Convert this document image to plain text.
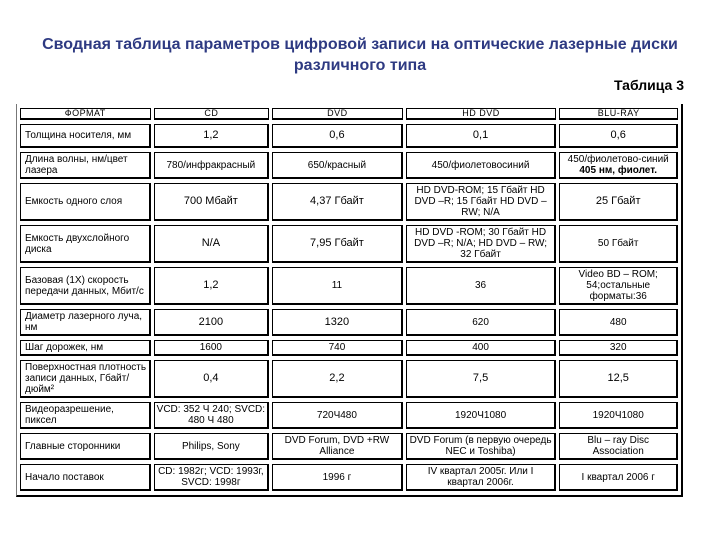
Сводная таблица параметров цифровой записи на оптические лазерные диски различного типа
Таблица 3
ФОРМАТ	CD	DVD	HD DVD	BLU-RAY
Толщина носителя, мм	1,2	0,6	0,1	0,6
Длина волны, нм/цвет лазера	780/инфракрасный	650/красный	450/фиолетовосиний	450/фиолетово-синий
405 нм, фиолет.

Емкость одного слоя	700 Мбайт	4,37 Гбайт	HD DVD-ROM; 15 Гбайт HD DVD –R; 15 Гбайт HD DVD – RW; N/A	25 Гбайт
Емкость двухслойного диска	N/A	7,95 Гбайт	HD DVD -ROM; 30 Гбайт HD DVD –R; N/A; HD DVD – RW; 32 Гбайт	50 Гбайт
Базовая (1X) скорость передачи данных, Мбит/с	1,2	11	36	Video BD – ROM; 54;остальные форматы:36
Диаметр лазерного луча, нм	2100	1320	620	480
Шаг дорожек, нм	1600	740	400	320
Поверхностная плотность записи данных, Гбайт/дюйм²	0,4	2,2	7,5	12,5
Видеоразрешение, пиксел	VCD: 352 Ч 240; SVCD: 480 Ч 480	720Ч480	1920Ч1080	1920Ч1080
Главные сторонники	Philips, Sony	DVD Forum, DVD +RW Alliance	DVD Forum (в первую очередь NEC и Toshiba)	Blu – ray Disc Association
Начало поставок	CD: 1982г; VCD: 1993г, SVCD: 1998г	1996 г	IV квартал 2005г. Или I квартал 2006г.	I квартал 2006 г
